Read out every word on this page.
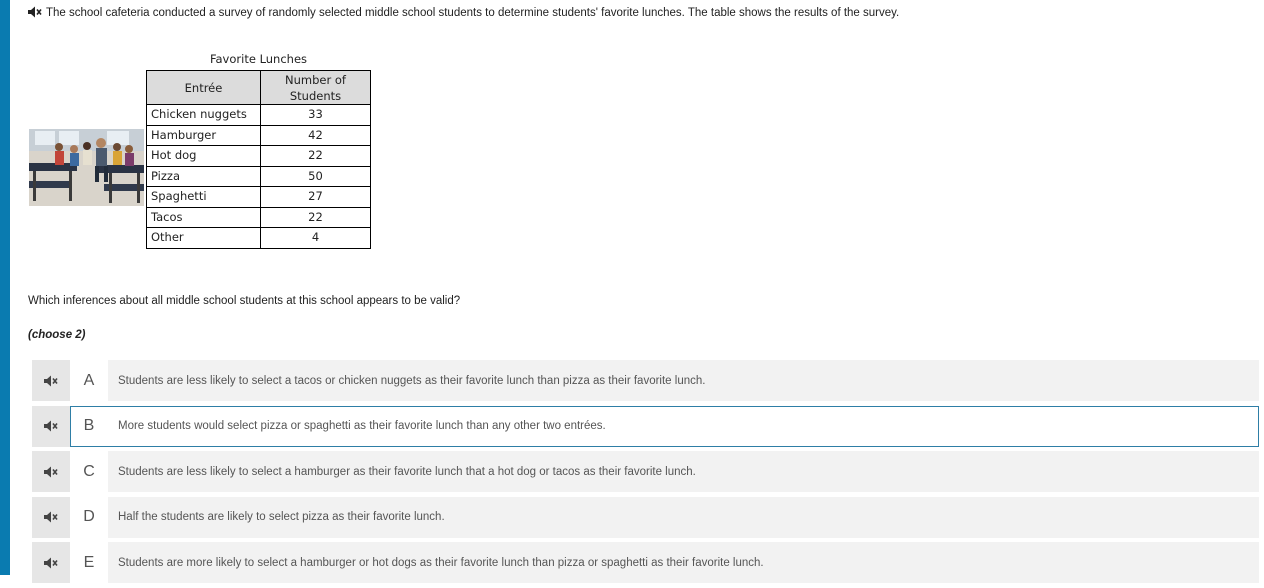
The school cafeteria conducted a survey of randomly selected middle school students to determine students' favorite lunches. The table shows the results of the survey.
Favorite Lunches
Entrée	Number of Students
Chicken nuggets	33
Hamburger	42
Hot dog	22
Pizza	50
Spaghetti	27
Tacos	22
Other	4
Which inferences about all middle school students at this school appears to be valid?
(choose 2)
A	Students are less likely to select a tacos or chicken nuggets as their favorite lunch than pizza as their favorite lunch.
B	More students would select pizza or spaghetti as their favorite lunch than any other two entrées.
C	Students are less likely to select a hamburger as their favorite lunch that a hot dog or tacos as their favorite lunch.
D	Half the students are likely to select pizza as their favorite lunch.
E	Students are more likely to select a hamburger or hot dogs as their favorite lunch than pizza or spaghetti as their favorite lunch.
